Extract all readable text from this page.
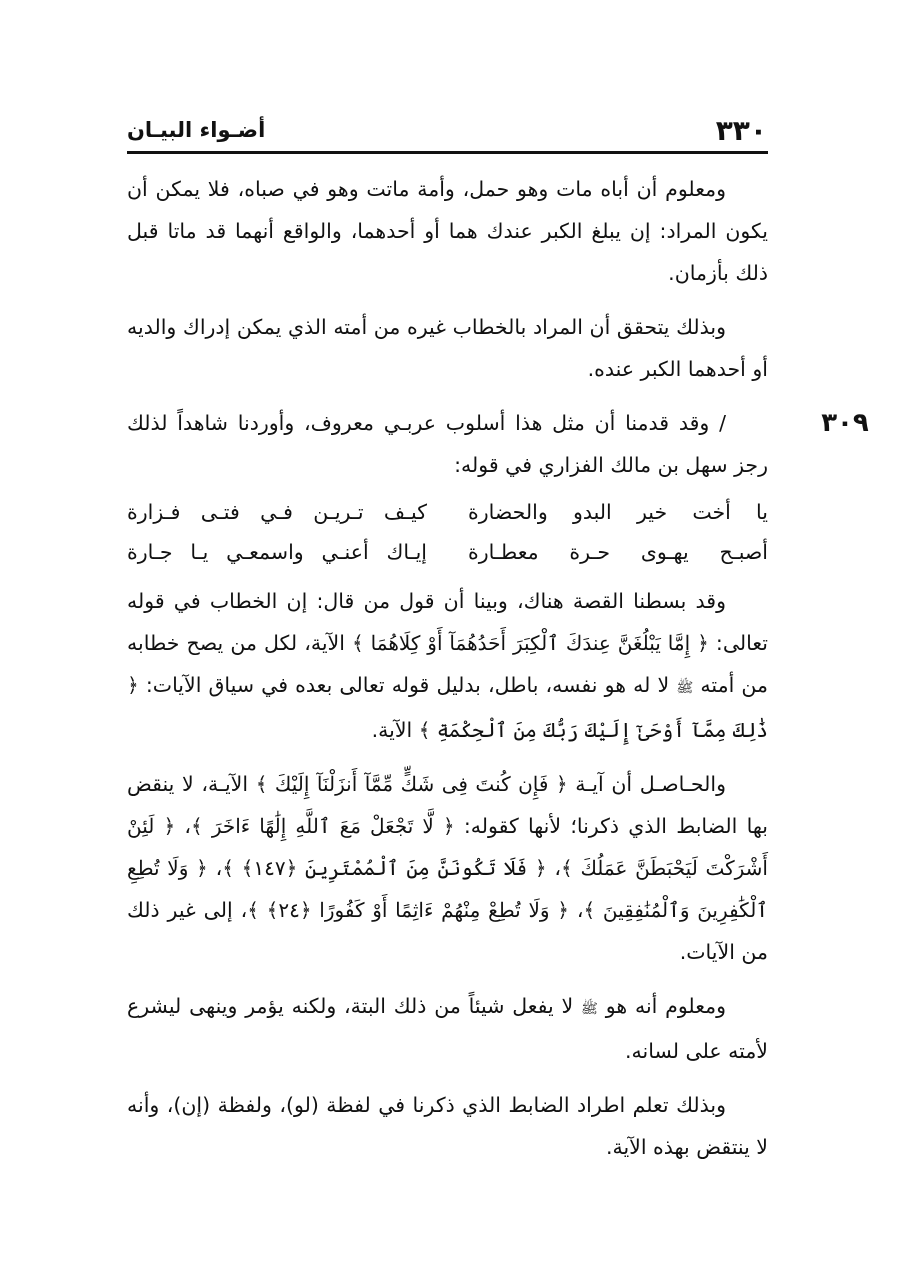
٣٣٠
أضـواء البيـان

ومعلوم أن أباه مات وهو حمل، وأمة ماتت وهو في صباه، فلا يمكن أن يكون المراد: إن يبلغ الكبر عندك هما أو أحدهما، والواقع أنهما قد ماتا قبل ذلك بأزمان.

وبذلك يتحقق أن المراد بالخطاب غيره من أمته الذي يمكن إدراك والديه أو أحدهما الكبر عنده.

٣٠٩
/ وقد قدمنا أن مثل هذا أسلوب عربـي معروف، وأوردنا شاهداً لذلك رجز سهل بن مالك الفزاري في قوله:

يا أخت خير البدو والحضارة
كيـف تـريـن فـي فتـى فـزارة
أصبـح يهـوى حـرة معطـارة
إيـاك أعنـي واسمعـي يـا جـارة

وقد بسطنا القصة هناك، وبينا أن قول من قال: إن الخطاب في قوله تعالى: ﴿ إِمَّا يَبْلُغَنَّ عِندَكَ ٱلْكِبَرَ أَحَدُهُمَآ أَوْ كِلَاهُمَا ﴾ الآية، لكل من يصح خطابه من أمته ﷺ لا له هو نفسه، باطل، بدليل قوله تعالى بعده في سياق الآيات: ﴿ ذَٰلِكَ مِمَّآ أَوْحَىٰٓ إِلَيْكَ رَبُّكَ مِنَ ٱلْحِكْمَةِ ﴾ الآية.

والحـاصـل أن آيـة ﴿ فَإِن كُنتَ فِى شَكٍّ مِّمَّآ أَنزَلْنَآ إِلَيْكَ ﴾ الآيـة، لا ينقض بها الضابط الذي ذكرنا؛ لأنها كقوله: ﴿ لَّا تَجْعَلْ مَعَ ٱللَّهِ إِلَٰهًا ءَاخَرَ ﴾، ﴿ لَئِنْ أَشْرَكْتَ لَيَحْبَطَنَّ عَمَلُكَ ﴾، ﴿ فَلَا تَكُونَنَّ مِنَ ٱلْمُمْتَرِينَ ﴿١٤٧﴾ ﴾، ﴿ وَلَا تُطِعِ ٱلْكَٰفِرِينَ وَٱلْمُنَٰفِقِينَ ﴾، ﴿ وَلَا تُطِعْ مِنْهُمْ ءَاثِمًا أَوْ كَفُورًا ﴿٢٤﴾ ﴾، إلى غير ذلك من الآيات.

ومعلوم أنه هو ﷺ لا يفعل شيئاً من ذلك البتة، ولكنه يؤمر وينهى ليشرع لأمته على لسانه.

وبذلك تعلم اطراد الضابط الذي ذكرنا في لفظة (لو)، ولفظة (إن)، وأنه لا ينتقض بهذه الآية.
